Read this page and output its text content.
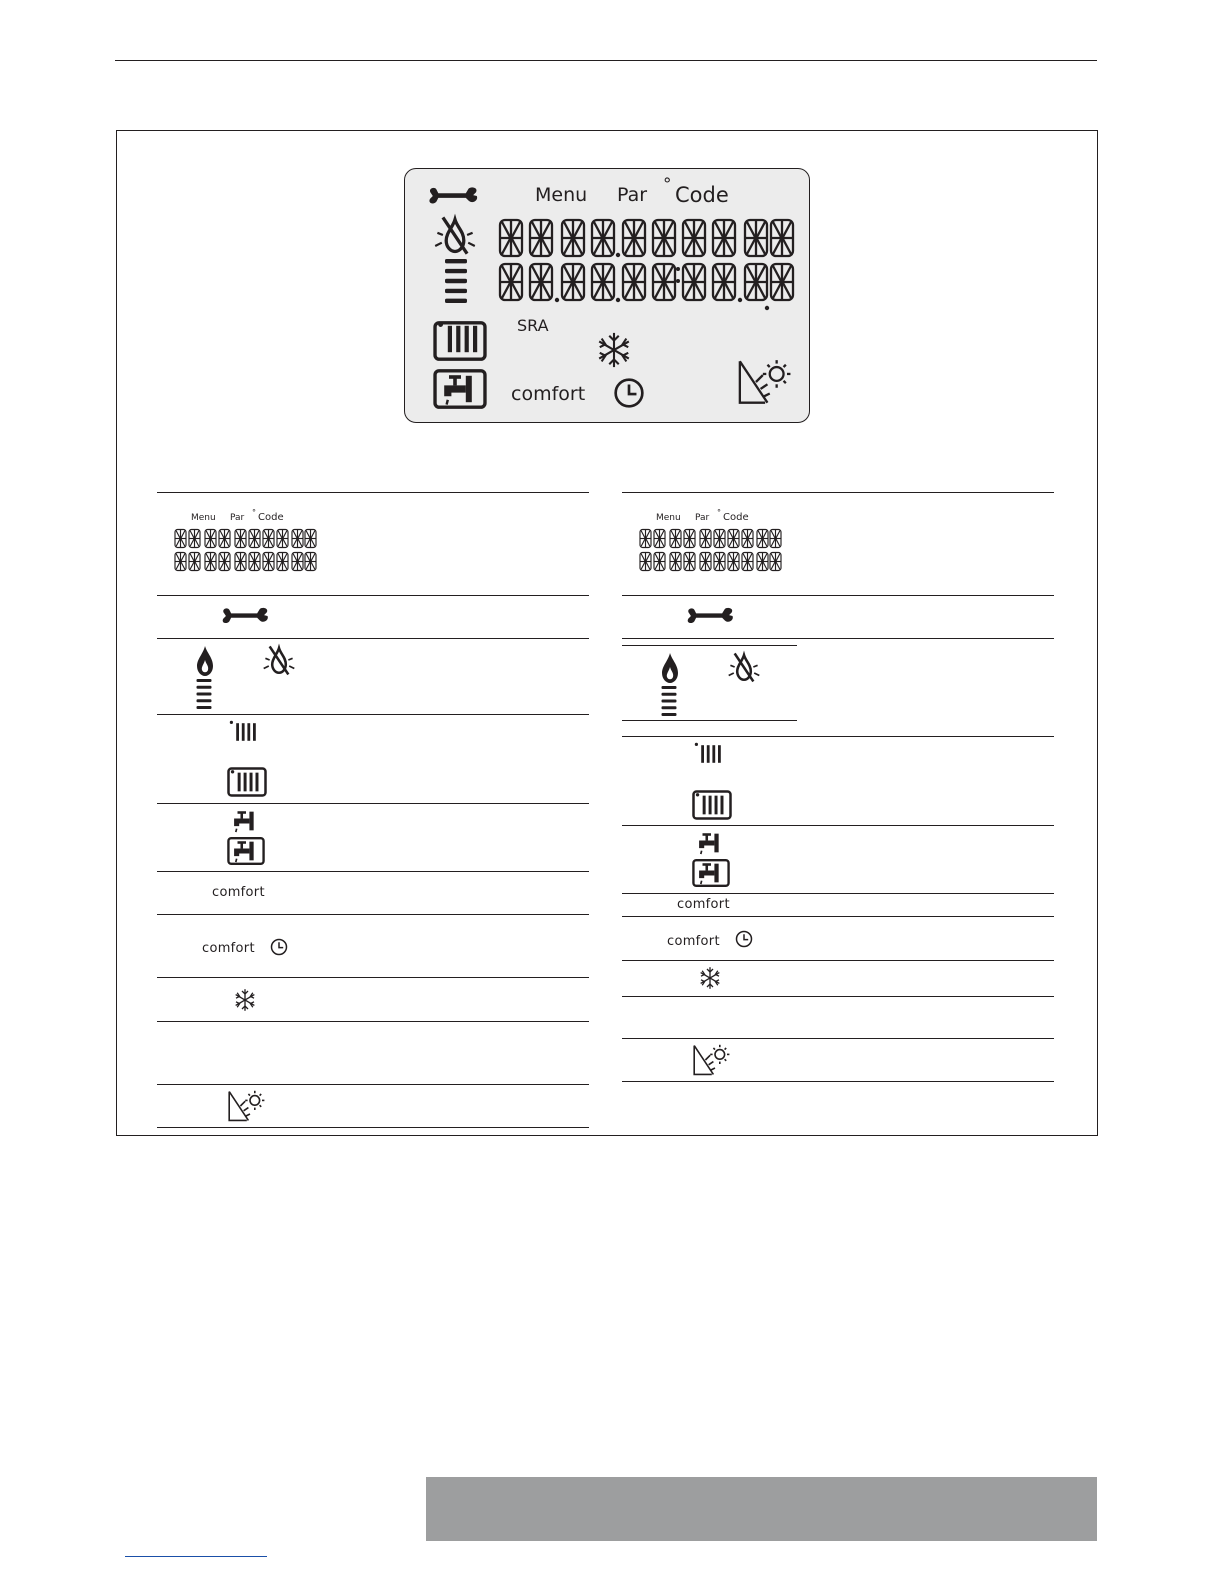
Menu Par ° Code
SRA
comfort
Menu Par
° Code
comfort
comfort
Menu Par
° Code
comfort
comfort
